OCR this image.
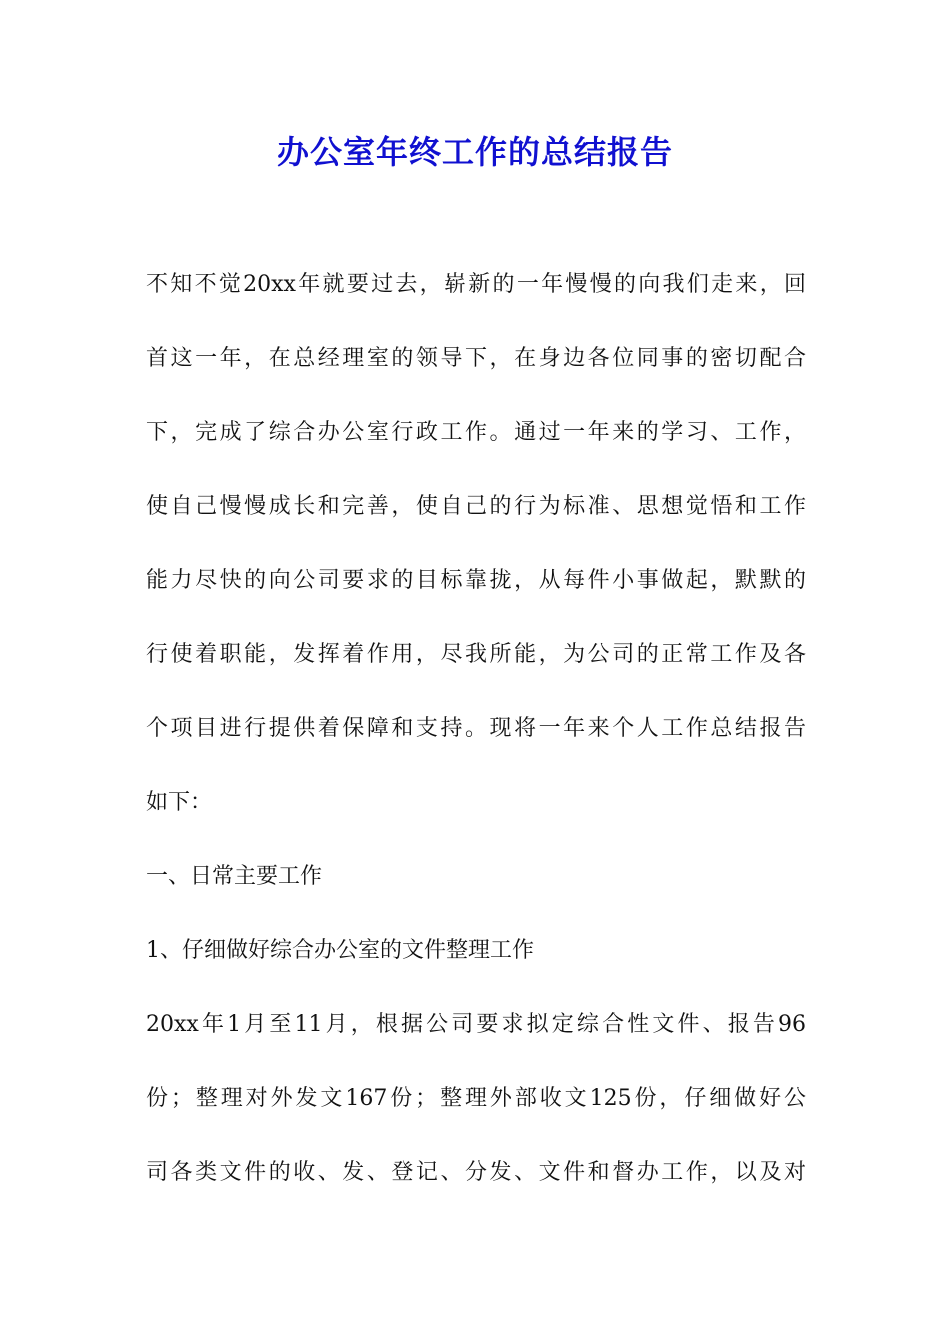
办公室年终工作的总结报告
不知不觉20xx年就要过去，崭新的一年慢慢的向我们走来，回
首这一年，在总经理室的领导下，在身边各位同事的密切配合
下，完成了综合办公室行政工作。通过一年来的学习、工作，
使自己慢慢成长和完善，使自己的行为标准、思想觉悟和工作
能力尽快的向公司要求的目标靠拢，从每件小事做起，默默的
行使着职能，发挥着作用，尽我所能，为公司的正常工作及各
个项目进行提供着保障和支持。现将一年来个人工作总结报告
如下：
一、日常主要工作
1、仔细做好综合办公室的文件整理工作
20xx年1月至11月，根据公司要求拟定综合性文件、报告96
份；整理对外发文167份；整理外部收文125份，仔细做好公
司各类文件的收、发、登记、分发、文件和督办工作，以及对
